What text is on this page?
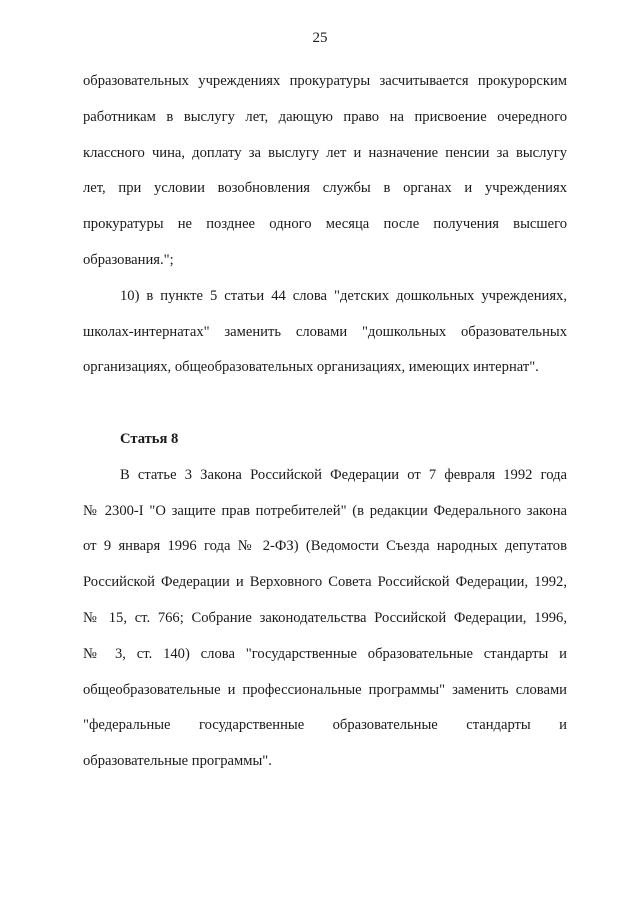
25
образовательных учреждениях прокуратуры засчитывается прокурорским
работникам в выслугу лет, дающую право на присвоение очередного
классного чина, доплату за выслугу лет и назначение пенсии за выслугу
лет, при условии возобновления службы в органах и учреждениях
прокуратуры не позднее одного месяца после получения высшего
образования.";
10) в пункте 5 статьи 44 слова "детских дошкольных учреждениях,
школах-интернатах" заменить словами "дошкольных образовательных
организациях, общеобразовательных организациях, имеющих интернат".
Статья 8
В статье 3 Закона Российской Федерации от 7 февраля 1992 года
№ 2300-I "О защите прав потребителей" (в редакции Федерального закона
от 9 января 1996 года № 2-ФЗ) (Ведомости Съезда народных депутатов
Российской Федерации и Верховного Совета Российской Федерации, 1992,
№ 15, ст. 766; Собрание законодательства Российской Федерации, 1996,
№ 3, ст. 140) слова "государственные образовательные стандарты и
общеобразовательные и профессиональные программы" заменить словами
"федеральные государственные образовательные стандарты и
образовательные программы".
